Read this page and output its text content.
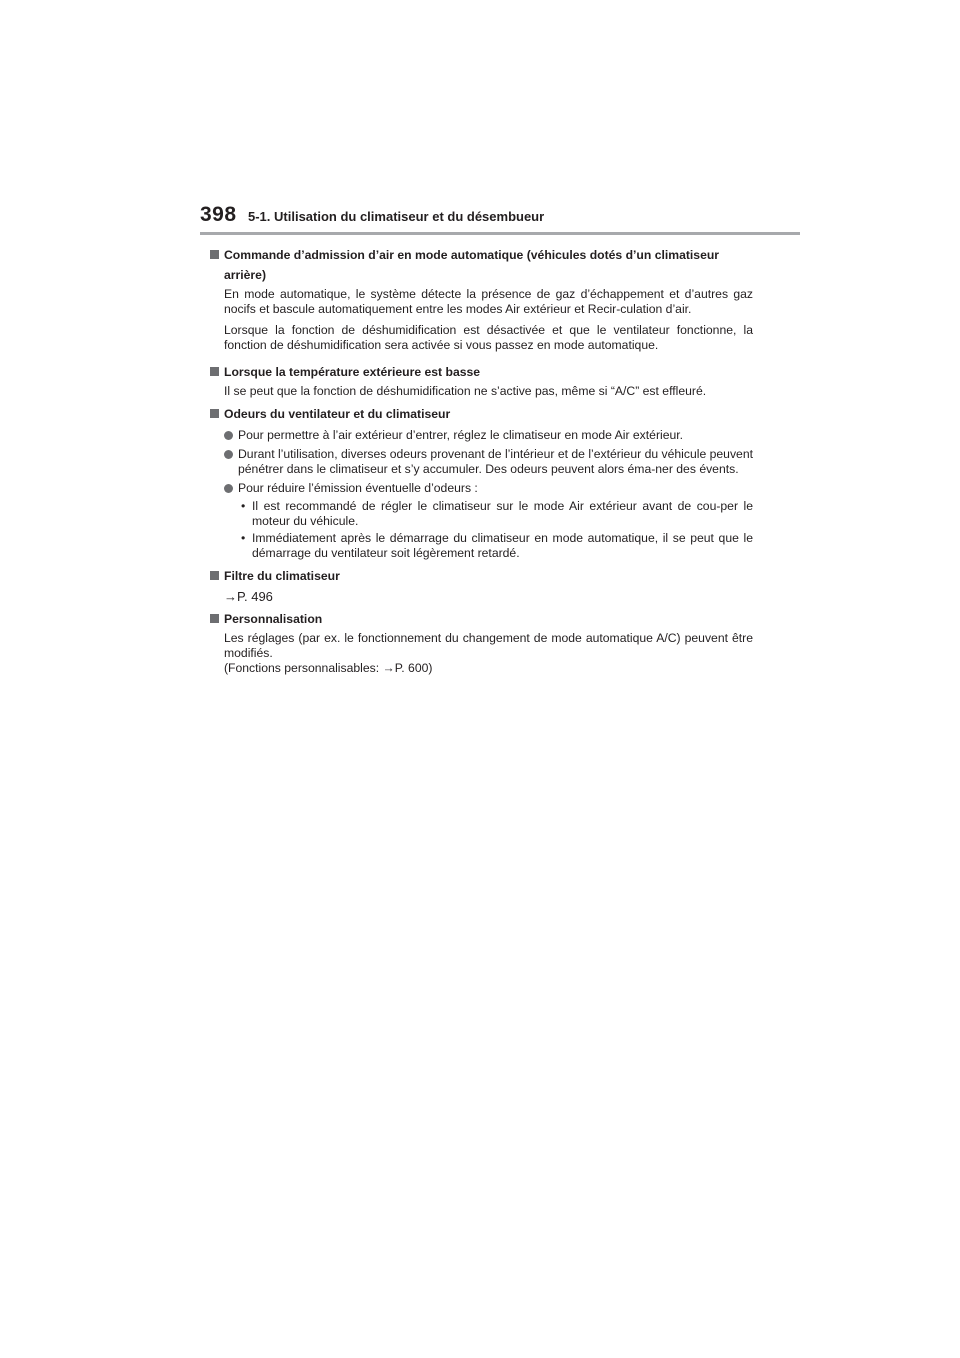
398 5-1. Utilisation du climatiseur et du désembueur
Commande d’admission d’air en mode automatique (véhicules dotés d’un climatiseur arrière)
En mode automatique, le système détecte la présence de gaz d’échappement et d’autres gaz nocifs et bascule automatiquement entre les modes Air extérieur et Recir-culation d’air.
Lorsque la fonction de déshumidification est désactivée et que le ventilateur fonctionne, la fonction de déshumidification sera activée si vous passez en mode automatique.
Lorsque la température extérieure est basse
Il se peut que la fonction de déshumidification ne s’active pas, même si “A/C” est effleuré.
Odeurs du ventilateur et du climatiseur
Pour permettre à l’air extérieur d’entrer, réglez le climatiseur en mode Air extérieur.
Durant l’utilisation, diverses odeurs provenant de l’intérieur et de l’extérieur du véhicule peuvent pénétrer dans le climatiseur et s’y accumuler. Des odeurs peuvent alors éma-ner des évents.
Pour réduire l’émission éventuelle d’odeurs :
• Il est recommandé de régler le climatiseur sur le mode Air extérieur avant de cou-per le moteur du véhicule.
• Immédiatement après le démarrage du climatiseur en mode automatique, il se peut que le démarrage du ventilateur soit légèrement retardé.
Filtre du climatiseur
→P. 496
Personnalisation
Les réglages (par ex. le fonctionnement du changement de mode automatique A/C) peuvent être modifiés.
(Fonctions personnalisables: →P. 600)
